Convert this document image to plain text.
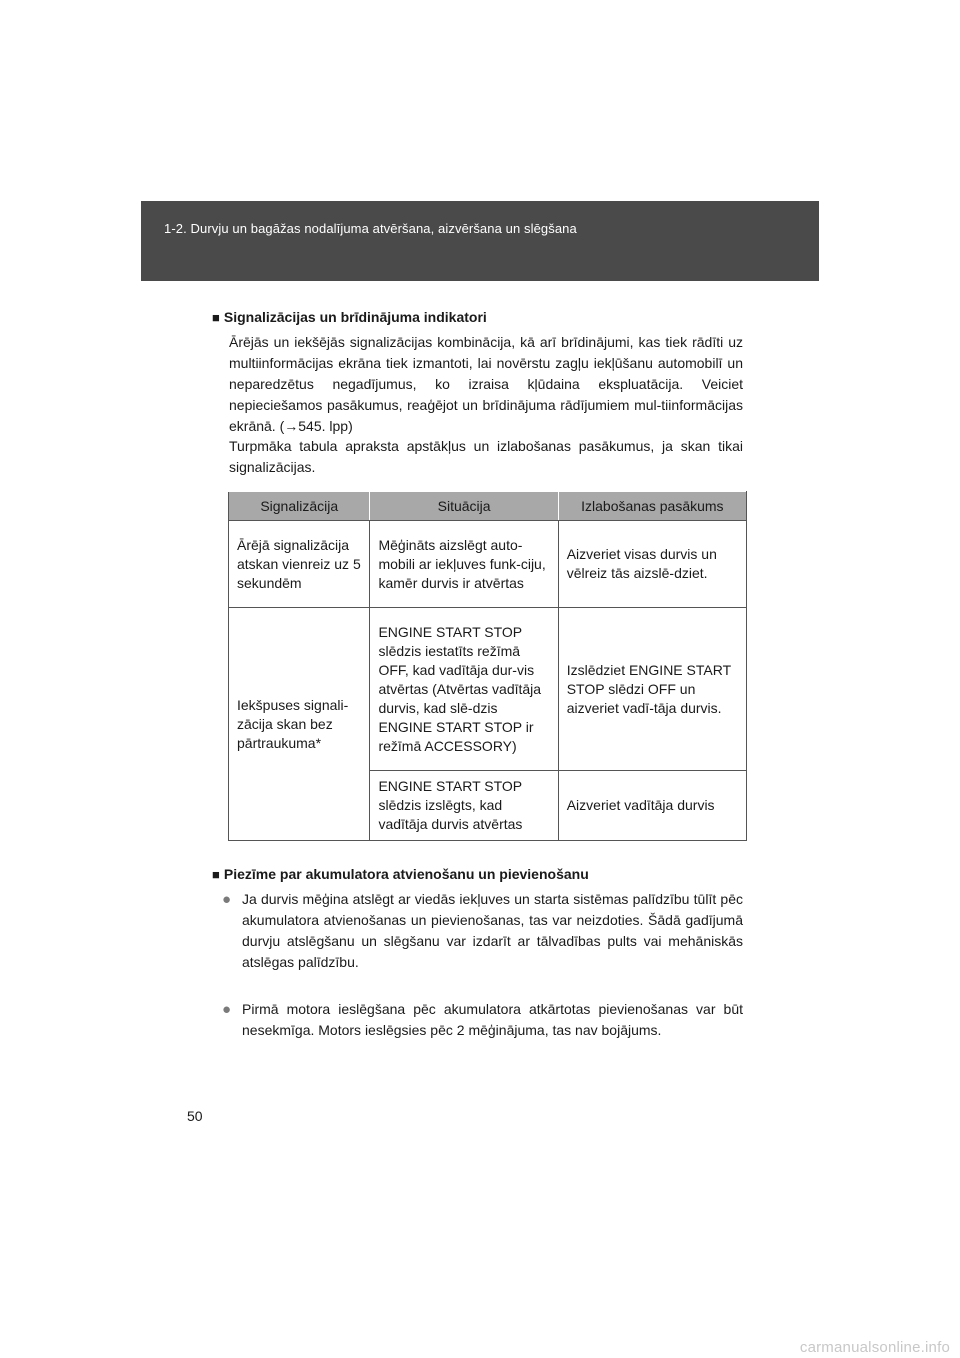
1-2. Durvju un bagāžas nodalījuma atvēršana, aizvēršana un slēgšana
■ Signalizācijas un brīdinājuma indikatori
Ārējās un iekšējās signalizācijas kombinācija, kā arī brīdinājumi, kas tiek rādīti uz multiinformācijas ekrāna tiek izmantoti, lai novērstu zagļu iekļūšanu automobilī un neparedzētus negadījumus, ko izraisa kļūdaina ekspluatācija. Veiciet nepieciešamos pasākumus, reaģējot un brīdinājuma rādījumiem mul-tiinformācijas ekrānā. (→545. lpp)
Turpmāka tabula apraksta apstākļus un izlabošanas pasākumus, ja skan tikai signalizācijas.
Signalizācija	Situācija	Izlabošanas pasākums
Ārējā signalizācija atskan vienreiz uz 5 sekundēm	Mēģināts aizslēgt auto-mobili ar iekļuves funk-ciju, kamēr durvis ir atvērtas	Aizveriet visas durvis un vēlreiz tās aizslē-dziet.
Iekšpuses signali-zācija skan bez pārtraukuma*	ENGINE START STOP slēdzis iestatīts režīmā OFF, kad vadītāja dur-vis atvērtas (Atvērtas vadītāja durvis, kad slē-dzis ENGINE START STOP ir režīmā ACCESSORY)	Izslēdziet ENGINE START STOP slēdzi OFF un aizveriet vadī-tāja durvis.
	ENGINE START STOP slēdzis izslēgts, kad vadītāja durvis atvērtas	Aizveriet vadītāja durvis
■ Piezīme par akumulatora atvienošanu un pievienošanu
● Ja durvis mēģina atslēgt ar viedās iekļuves un starta sistēmas palīdzību tūlīt pēc akumulatora atvienošanas un pievienošanas, tas var neizdoties. Šādā gadījumā durvju atslēgšanu un slēgšanu var izdarīt ar tālvadības pults vai mehāniskās atslēgas palīdzību.
● Pirmā motora ieslēgšana pēc akumulatora atkārtotas pievienošanas var būt nesekmīga. Motors ieslēgsies pēc 2 mēģinājuma, tas nav bojājums.
50
carmanualsonline.info
